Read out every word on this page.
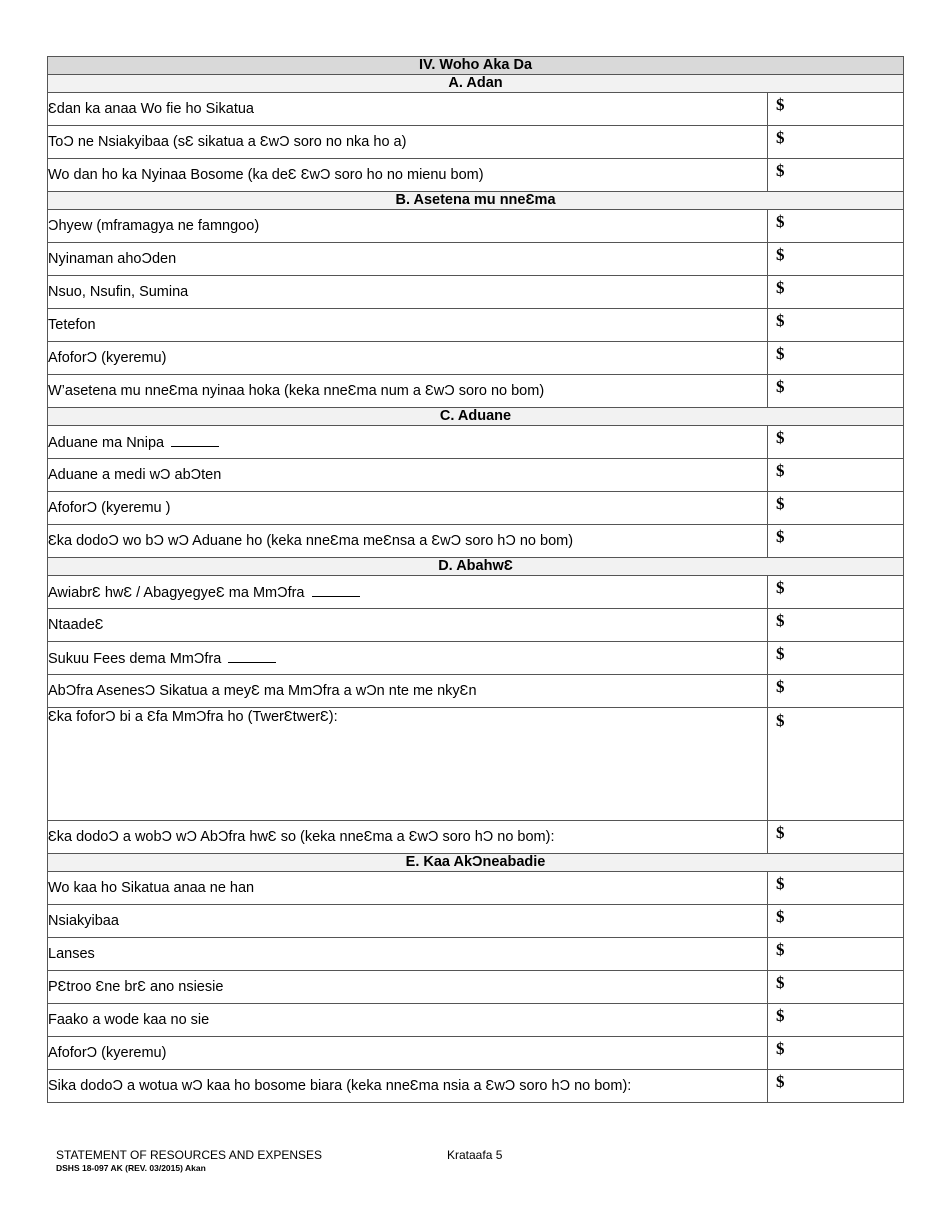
IV. Woho Aka Da	
A. Adan	
Ɛdan ka anaa Wo fie ho Sikatua	$

ToƆ ne Nsiakyibaa (sƐ sikatua a ƐwƆ soro no nka ho a)	$

Wo dan ho ka Nyinaa Bosome (ka deƐ ƐwƆ soro ho no mienu bom)	$

B. Asetena mu nneƐma	
Ɔhyew (mframagya ne famngoo)	$

Nyinaman ahoƆden	$

Nsuo, Nsufin, Sumina	$

Tetefon	$

AfoforƆ (kyeremu)	$

W’asetena mu nneƐma nyinaa hoka (keka nneƐma num a ƐwƆ soro no bom)	$

C. Aduane	
Aduane ma Nnipa	$

Aduane a medi wƆ abƆten	$

AfoforƆ (kyeremu )	$

Ɛka dodoƆ wo bƆ wƆ Aduane ho (keka nneƐma meƐnsa a ƐwƆ soro hƆ no bom)	$

D. AbahwƐ	
AwiabrƐ hwƐ / AbagyegyeƐ ma MmƆfra	$

NtaadeƐ	$

Sukuu Fees dema MmƆfra	$

AbƆfra AsenesƆ Sikatua a meyƐ ma MmƆfra a wƆn nte me nkyƐn	$

Ɛka foforƆ bi a Ɛfa MmƆfra ho (TwerƐtwerƐ):	$

Ɛka dodoƆ a wobƆ wƆ AbƆfra hwƐ so (keka nneƐma a ƐwƆ soro hƆ no bom):	$

E. Kaa AkƆneabadie	
Wo kaa ho Sikatua anaa ne han	$

Nsiakyibaa	$

Lanses	$

PƐtroo Ɛne brƐ ano nsiesie	$

Faako a wode kaa no sie	$

AfoforƆ (kyeremu)	$

Sika dodoƆ a wotua wƆ kaa ho bosome biara (keka nneƐma nsia a ƐwƆ soro hƆ no bom):	$
STATEMENT OF RESOURCES AND EXPENSES
DSHS 18-097 AK (REV. 03/2015) Akan
Krataafa 5
